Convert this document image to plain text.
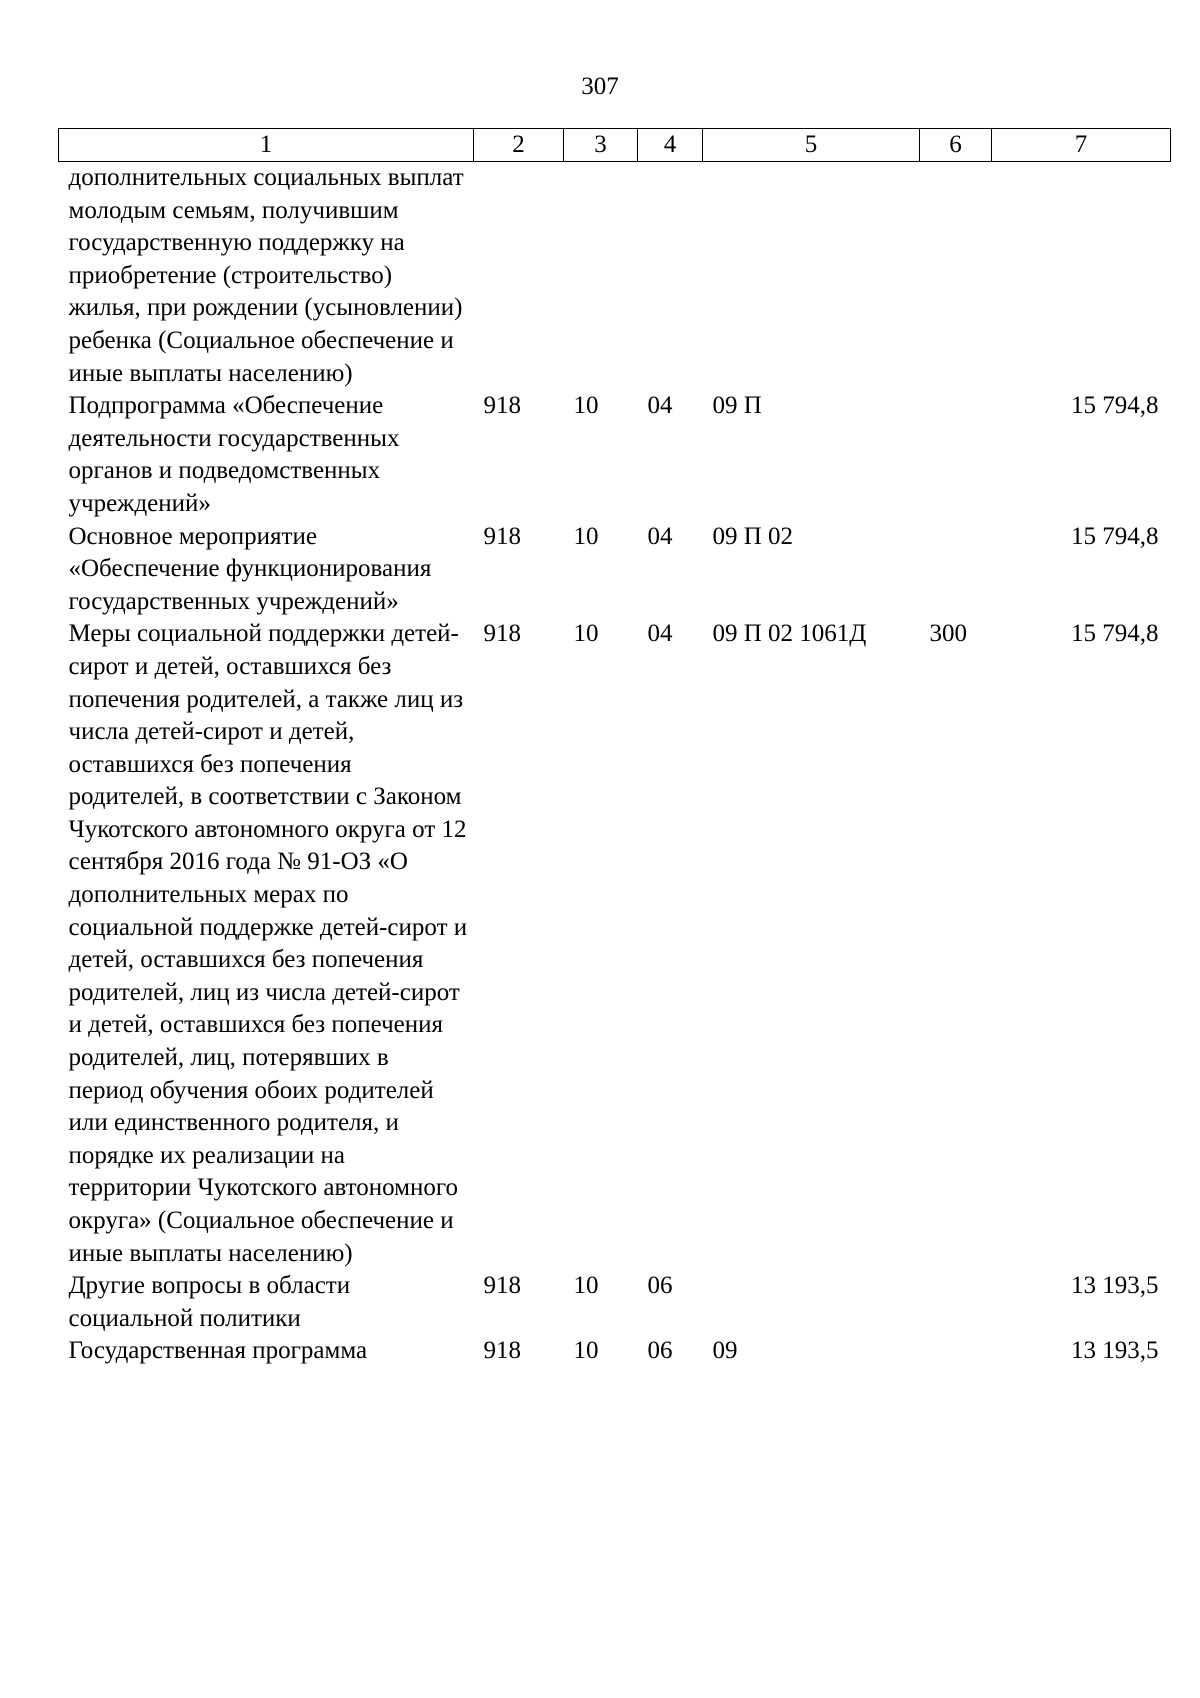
307
1	2	3	4	5	6	7
дополнительных социальных выплат молодым семьям, получившим государственную поддержку на приобретение (строительство) жилья, при рождении (усыновлении) ребенка (Социальное обеспечение и иные выплаты населению)						
Подпрограмма «Обеспечение деятельности государственных органов и подведомственных учреждений»	918	10	04	09 П		15 794,8
Основное мероприятие «Обеспечение функционирования государственных учреждений»	918	10	04	09 П 02		15 794,8
Меры социальной поддержки детей-сирот и детей, оставшихся без попечения родителей, а также лиц из числа детей-сирот и детей, оставшихся без попечения родителей, в соответствии с Законом Чукотского автономного округа от 12 сентября 2016 года № 91-ОЗ «О дополнительных мерах по социальной поддержке детей-сирот и детей, оставшихся без попечения родителей, лиц из числа детей-сирот и детей, оставшихся без попечения родителей, лиц, потерявших в период обучения обоих родителей или единственного родителя, и порядке их реализации на территории Чукотского автономного округа» (Социальное обеспечение и иные выплаты населению)	918	10	04	09 П 02 1061Д	300	15 794,8
Другие вопросы в области социальной политики	918	10	06			13 193,5
Государственная программа	918	10	06	09		13 193,5
